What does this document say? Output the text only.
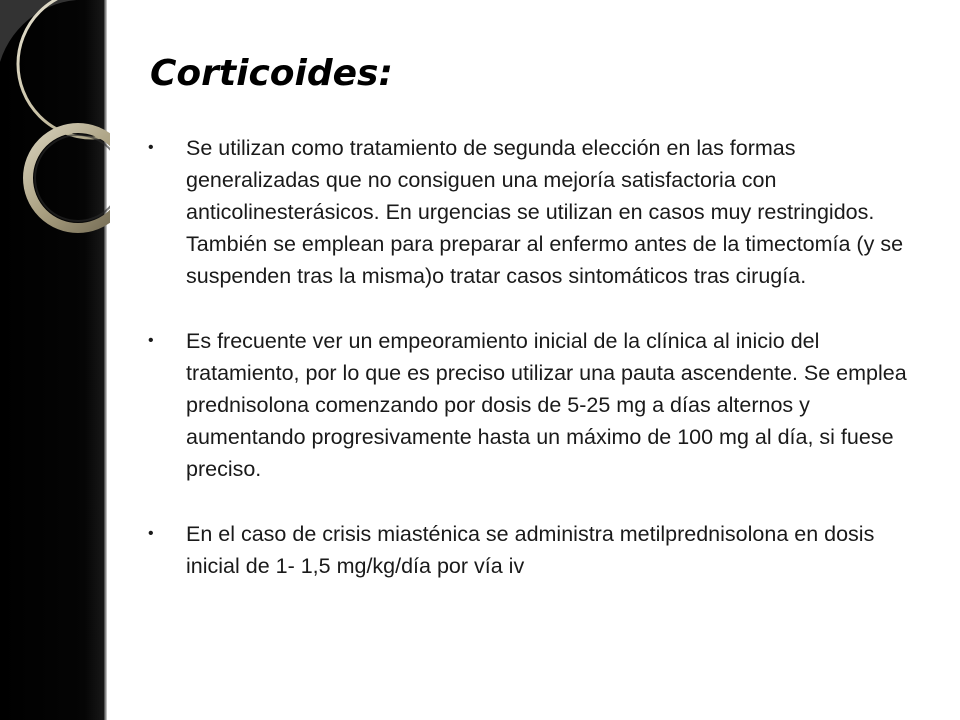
Corticoides:
• Se utilizan como tratamiento de segunda elección en las formas generalizadas que no consiguen una mejoría satisfactoria con anticolinesterásicos. En urgencias se utilizan en casos muy restringidos. También se emplean para preparar al enfermo antes de la timectomía (y se suspenden tras la misma)o tratar casos sintomáticos tras cirugía.
• Es frecuente ver un empeoramiento inicial de la clínica al inicio del tratamiento, por lo que es preciso utilizar una pauta ascendente. Se emplea prednisolona comenzando por dosis de 5-25 mg a días alternos y aumentando progresivamente hasta un máximo de 100 mg al día, si fuese preciso.
• En el caso de crisis miasténica se administra metilprednisolona en dosis inicial de 1- 1,5 mg/kg/día por vía iv
